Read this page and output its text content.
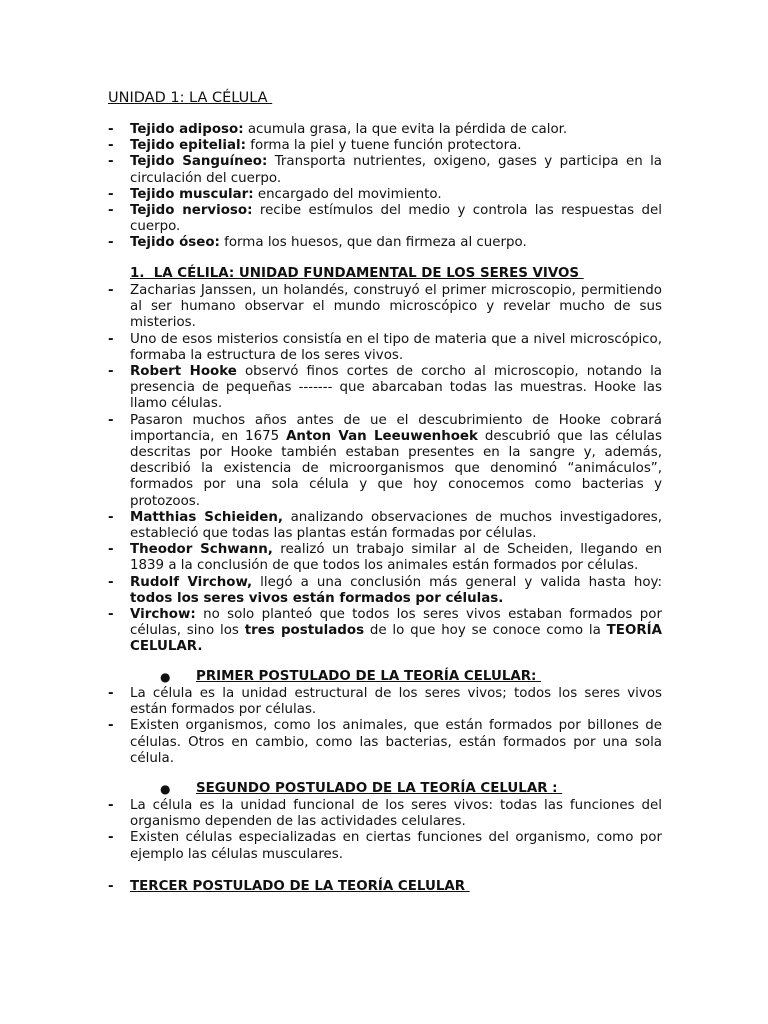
UNIDAD 1: LA CÉLULA
- Tejido adiposo: acumula grasa, la que evita la pérdida de calor.
- Tejido epitelial: forma la piel y tuene función protectora.
- Tejido Sanguíneo: Transporta nutrientes, oxigeno, gases y participa en la circulación del cuerpo.
- Tejido muscular: encargado del movimiento.
- Tejido nervioso: recibe estímulos del medio y controla las respuestas del cuerpo.
- Tejido óseo: forma los huesos, que dan firmeza al cuerpo.
1.  LA CÉLILA: UNIDAD FUNDAMENTAL DE LOS SERES VIVOS
- Zacharias Janssen, un holandés, construyó el primer microscopio, permitiendo al ser humano observar el mundo microscópico y revelar mucho de sus misterios.
- Uno de esos misterios consistía en el tipo de materia que a nivel microscópico, formaba la estructura de los seres vivos.
- Robert Hooke observó finos cortes de corcho al microscopio, notando la presencia de pequeñas ------- que abarcaban todas las muestras. Hooke las llamo células.
- Pasaron muchos años antes de ue el descubrimiento de Hooke cobrará importancia, en 1675 Anton Van Leeuwenhoek descubrió que las células descritas por Hooke también estaban presentes en la sangre y, además, describió la existencia de microorganismos que denominó “animáculos”, formados por una sola célula y que hoy conocemos como bacterias y protozoos.
- Matthias Schieiden, analizando observaciones de muchos investigadores, estableció que todas las plantas están formadas por células.
- Theodor Schwann, realizó un trabajo similar al de Scheiden, llegando en 1839 a la conclusión de que todos los animales están formados por células.
- Rudolf Virchow, llegó a una conclusión más general y valida hasta hoy: todos los seres vivos están formados por células.
- Virchow: no solo planteó que todos los seres vivos estaban formados por células, sino los tres postulados de lo que hoy se conoce como la TEORÍA CELULAR.
● PRIMER POSTULADO DE LA TEORÍA CELULAR:
- La célula es la unidad estructural de los seres vivos; todos los seres vivos están formados por células.
- Existen organismos, como los animales, que están formados por billones de células. Otros en cambio, como las bacterias, están formados por una sola célula.
● SEGUNDO POSTULADO DE LA TEORÍA CELULAR :
- La célula es la unidad funcional de los seres vivos: todas las funciones del organismo dependen de las actividades celulares.
- Existen células especializadas en ciertas funciones del organismo, como por ejemplo las células musculares.
- TERCER POSTULADO DE LA TEORÍA CELULAR
